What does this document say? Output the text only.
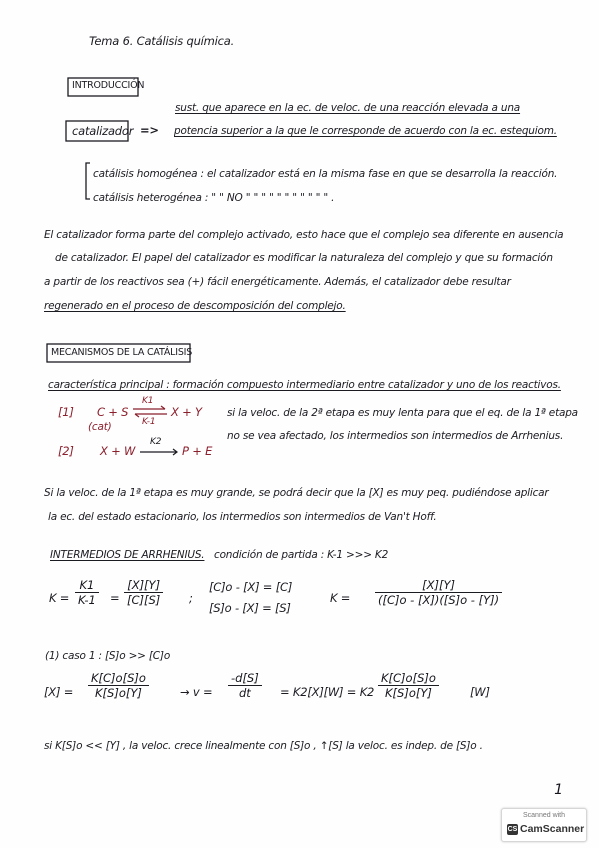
Tema 6. Catálisis química.
INTRODUCCIÓN
sust. que aparece en la ec. de veloc. de una reacción elevada a una
catalizador => potencia superior a la que le corresponde de acuerdo con la ec. estequiom.
catálisis homogénea : el catalizador está en la misma fase en que se desarrolla la reacción.
catálisis heterogénea : " " NO " " " " " " " " " " " .
El catalizador forma parte del complejo activado, esto hace que el complejo sea diferente en ausencia
de catalizador. El papel del catalizador es modificar la naturaleza del complejo y que su formación
a partir de los reactivos sea (+) fácil energéticamente. Además, el catalizador debe resultar
regenerado en el proceso de descomposición del complejo.
MECANISMOS DE LA CATÁLISIS
característica principal : formación compuesto intermediario entre catalizador y uno de los reactivos.
[1] C + S
(cat)
K1
K-1
X + Y
[2] X + W
K2
P + E
si la veloc. de la 2ª etapa es muy lenta para que el eq. de la 1ª etapa
no se vea afectado, los intermedios son intermedios de Arrhenius.
Si la veloc. de la 1ª etapa es muy grande, se podrá decir que la [X] es muy peq. pudiéndose aplicar
la ec. del estado estacionario, los intermedios son intermedios de Van't Hoff.
INTERMEDIOS DE ARRHENIUS. condición de partida : K-1 >>> K2
$K = \frac{K1}{K-1} = \frac{[X][Y]}{[C][S]}$ ;
[C]o - [X] = [C]
[S]o - [X] = [S]
$K = \frac{[X][Y]}{([C]o - [X])([S]o - [Y])}$
(1) caso 1 : [S]o >> [C]o
$[X] = \frac{K[C]o[S]o}{K[S]o[Y]}$	→ $v = \frac{-d[S]}{dt} = K2[X][W] = K2 \frac{K[C]o[S]o}{K[S]o[Y]}$	[W]
si K[S]o << [Y] , la veloc. crece linealmente con [S]o , ↑[S] la veloc. es indep. de [S]o .
1
Scanned with
CS CamScanner
